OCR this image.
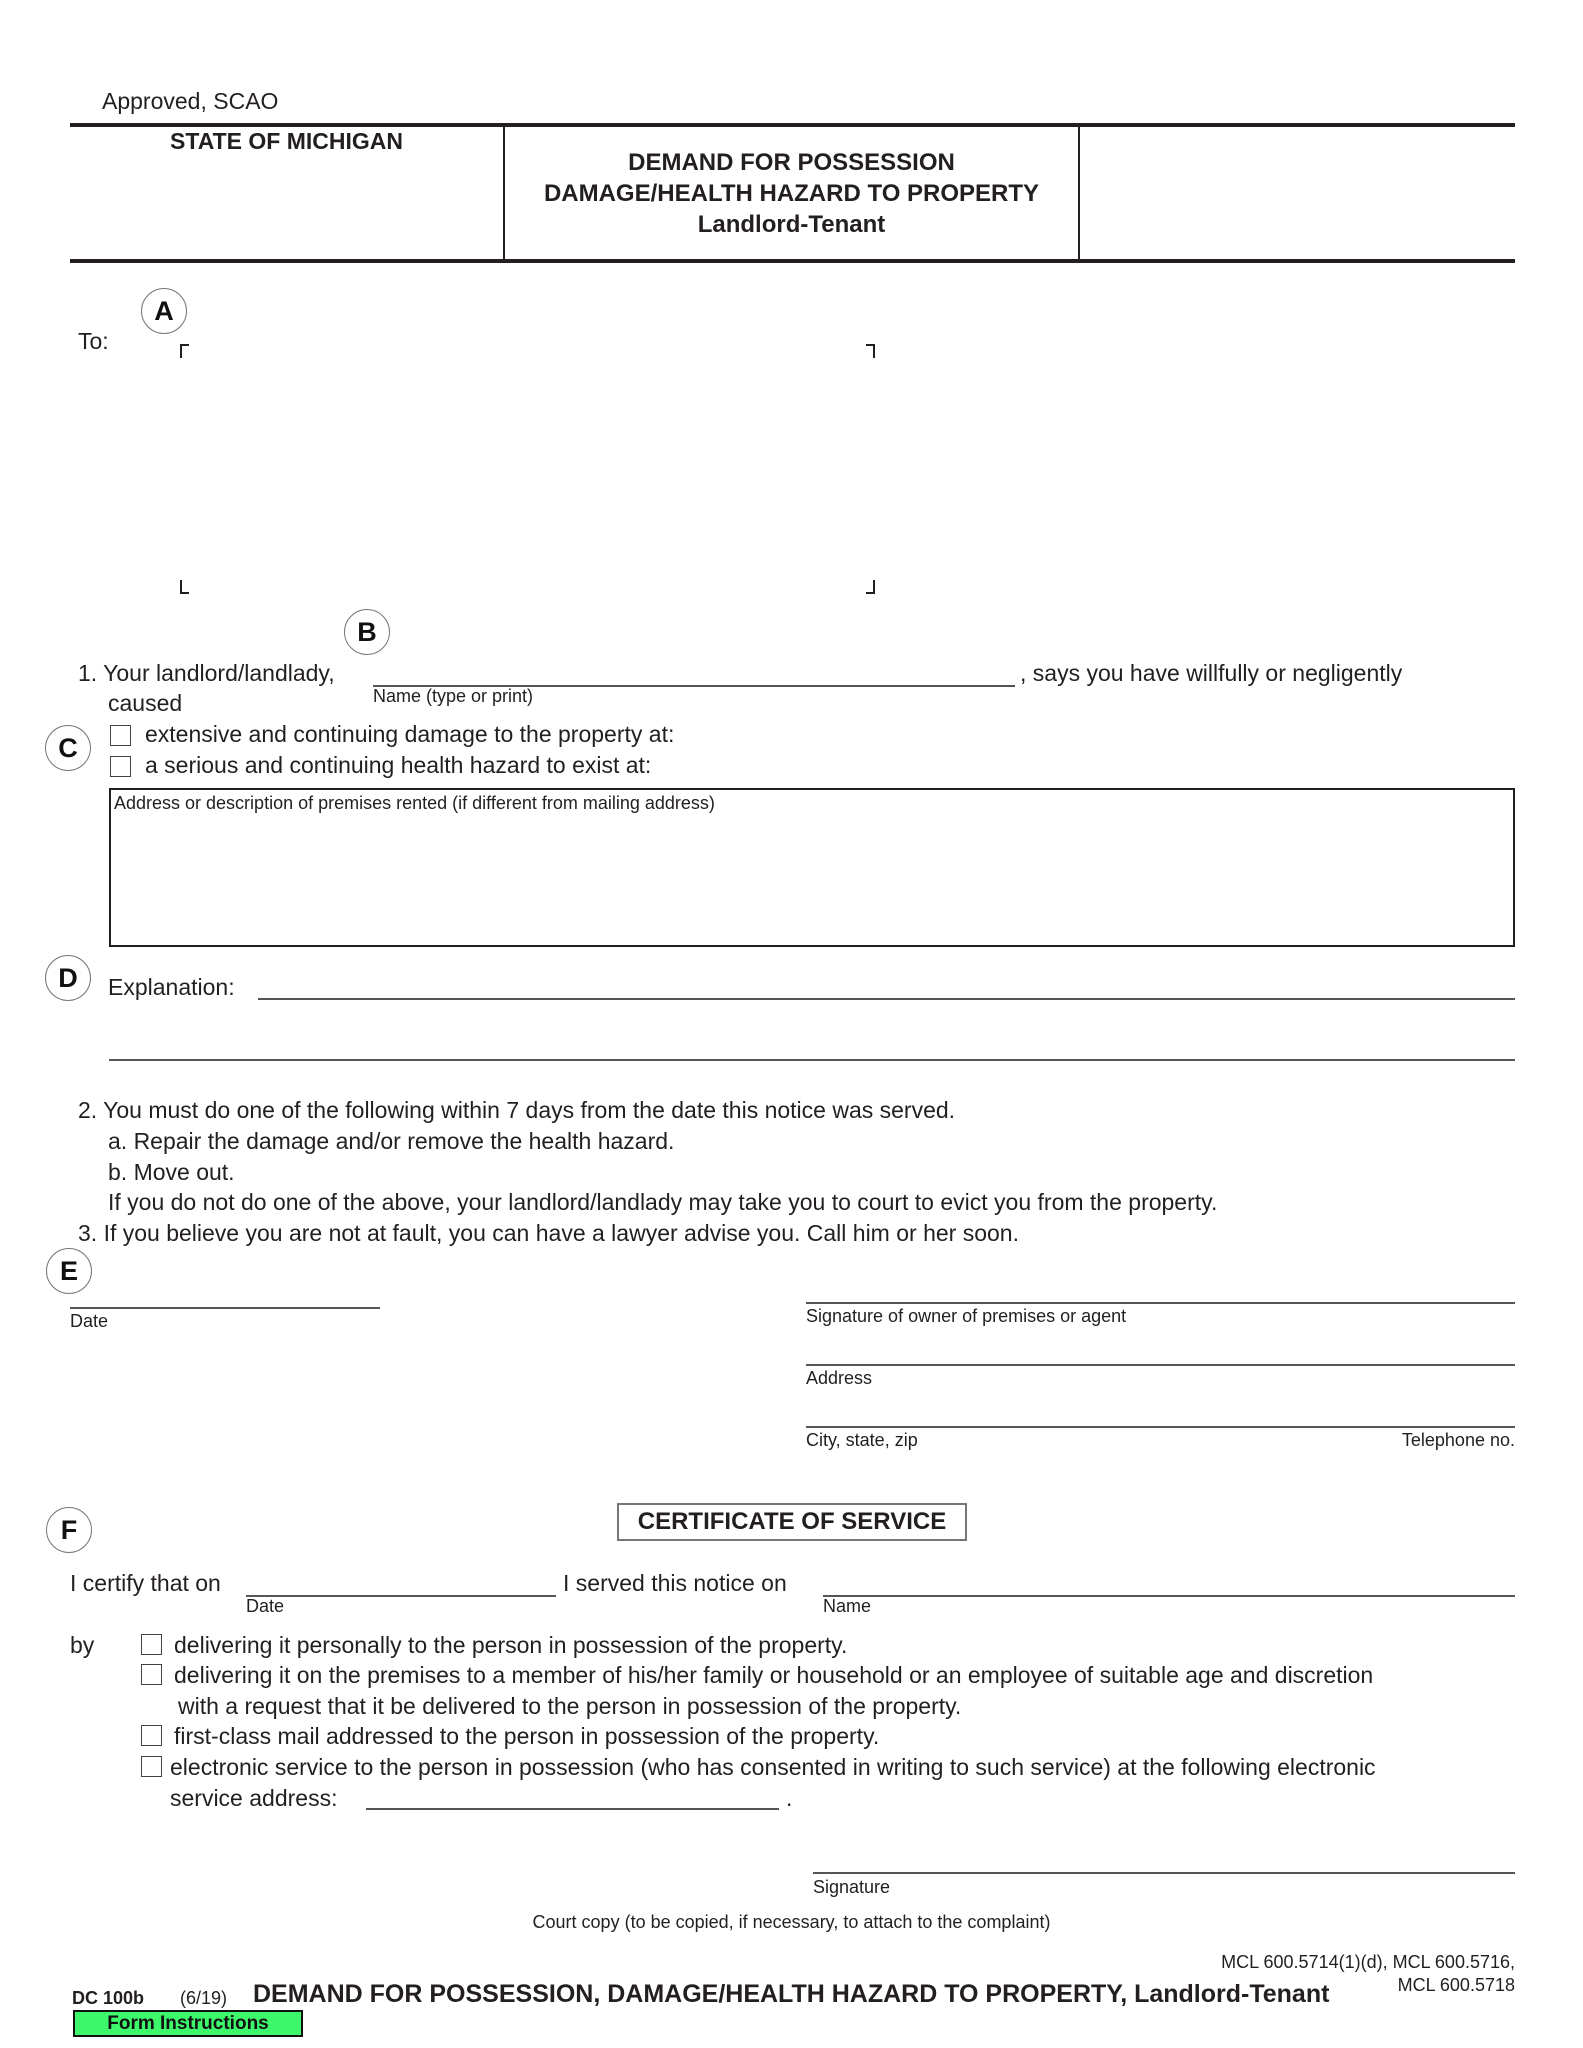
Approved, SCAO
STATE OF MICHIGAN
DEMAND FOR POSSESSION
DAMAGE/HEALTH HAZARD TO PROPERTY
Landlord-Tenant
A
To:
B
1. Your landlord/landlady,
Name (type or print)
, says you have willfully or negligently
caused
C	extensive and continuing damage to the property at:
a serious and continuing health hazard to exist at:
Address or description of premises rented (if different from mailing address)
D	Explanation:
2. You must do one of the following within 7 days from the date this notice was served.
a. Repair the damage and/or remove the health hazard.
b. Move out.
If you do not do one of the above, your landlord/landlady may take you to court to evict you from the property.
3. If you believe you are not at fault, you can have a lawyer advise you. Call him or her soon.
E
Date	Signature of owner of premises or agent
Address
City, state, zip	Telephone no.
F	CERTIFICATE OF SERVICE
I certify that on
Date
I served this notice on
Name
by	delivering it personally to the person in possession of the property.
delivering it on the premises to a member of his/her family or household or an employee of suitable age and discretion
with a request that it be delivered to the person in possession of the property.
first-class mail addressed to the person in possession of the property.
electronic service to the person in possession (who has consented in writing to such service) at the following electronic
service address:	.
Signature
Court copy (to be copied, if necessary, to attach to the complaint)
MCL 600.5714(1)(d), MCL 600.5716,
MCL 600.5718
DC 100b (6/19) DEMAND FOR POSSESSION, DAMAGE/HEALTH HAZARD TO PROPERTY, Landlord-Tenant
Form Instructions
